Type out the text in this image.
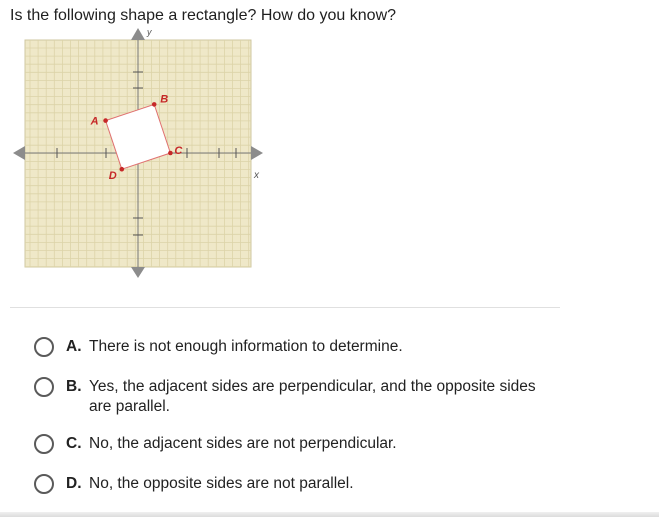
Is the following shape a rectangle? How do you know?
A
B
C
D	x
y
A. There is not enough information to determine.
B. Yes, the adjacent sides are perpendicular, and the opposite sides are parallel.
C. No, the adjacent sides are not perpendicular.
D. No, the opposite sides are not parallel.
